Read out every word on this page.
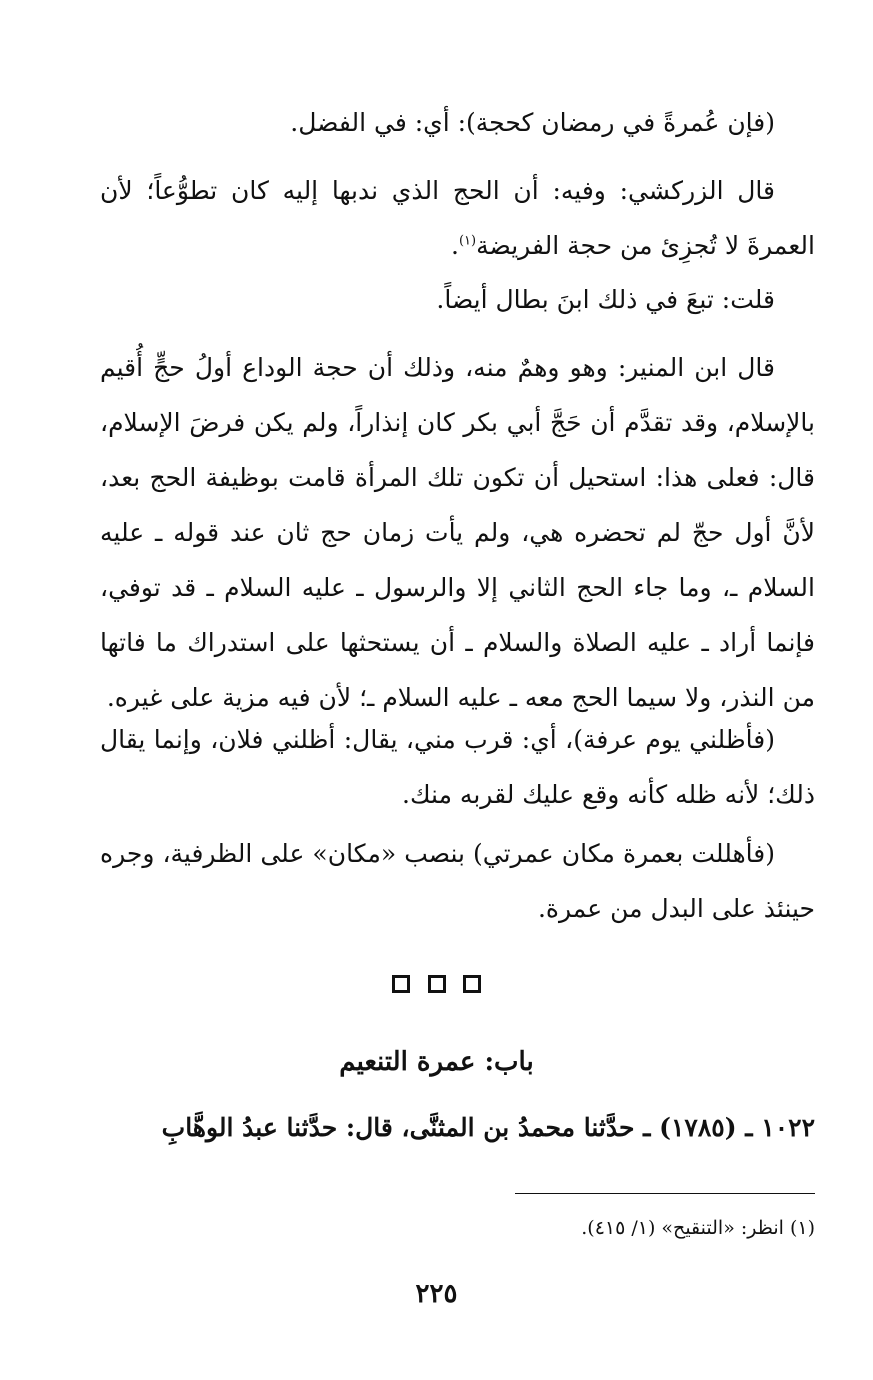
(فإن عُمرةً في رمضان كحجة): أي: في الفضل.

قال الزركشي: وفيه: أن الحج الذي ندبها إليه كان تطوُّعاً؛ لأن العمرةَ لا تُجزِئ من حجة الفريضة$^{(١)}$.

قلت: تبعَ في ذلك ابنَ بطال أيضاً.

قال ابن المنير: وهو وهمٌ منه، وذلك أن حجة الوداع أولُ حجٍّ أُقيم بالإسلام، وقد تقدَّم أن حَجَّ أبي بكر كان إنذاراً، ولم يكن فرضَ الإسلام، قال: فعلى هذا: استحيل أن تكون تلك المرأة قامت بوظيفة الحج بعد، لأنَّ أول حجّ لم تحضره هي، ولم يأت زمان حج ثان عند قوله ـ عليه السلام ـ، وما جاء الحج الثاني إلا والرسول ـ عليه السلام ـ قد توفي، فإنما أراد ـ عليه الصلاة والسلام ـ أن يستحثها على استدراك ما فاتها من النذر، ولا سيما الحج معه ـ عليه السلام ـ؛ لأن فيه مزية على غيره.

(فأظلني يوم عرفة)، أي: قرب مني، يقال: أظلني فلان، وإنما يقال ذلك؛ لأنه ظله كأنه وقع عليك لقربه منك.

(فأهللت بعمرة مكان عمرتي) بنصب «مكان» على الظرفية، وجره حينئذ على البدل من عمرة.

باب: عمرة التنعيم
١٠٢٢ ـ (١٧٨٥) ـ حدَّثنا محمدُ بن المثنَّى، قال: حدَّثنا عبدُ الوهَّابِ
(١) انظر: «التنقيح» (١/ ٤١٥).
٢٢٥
